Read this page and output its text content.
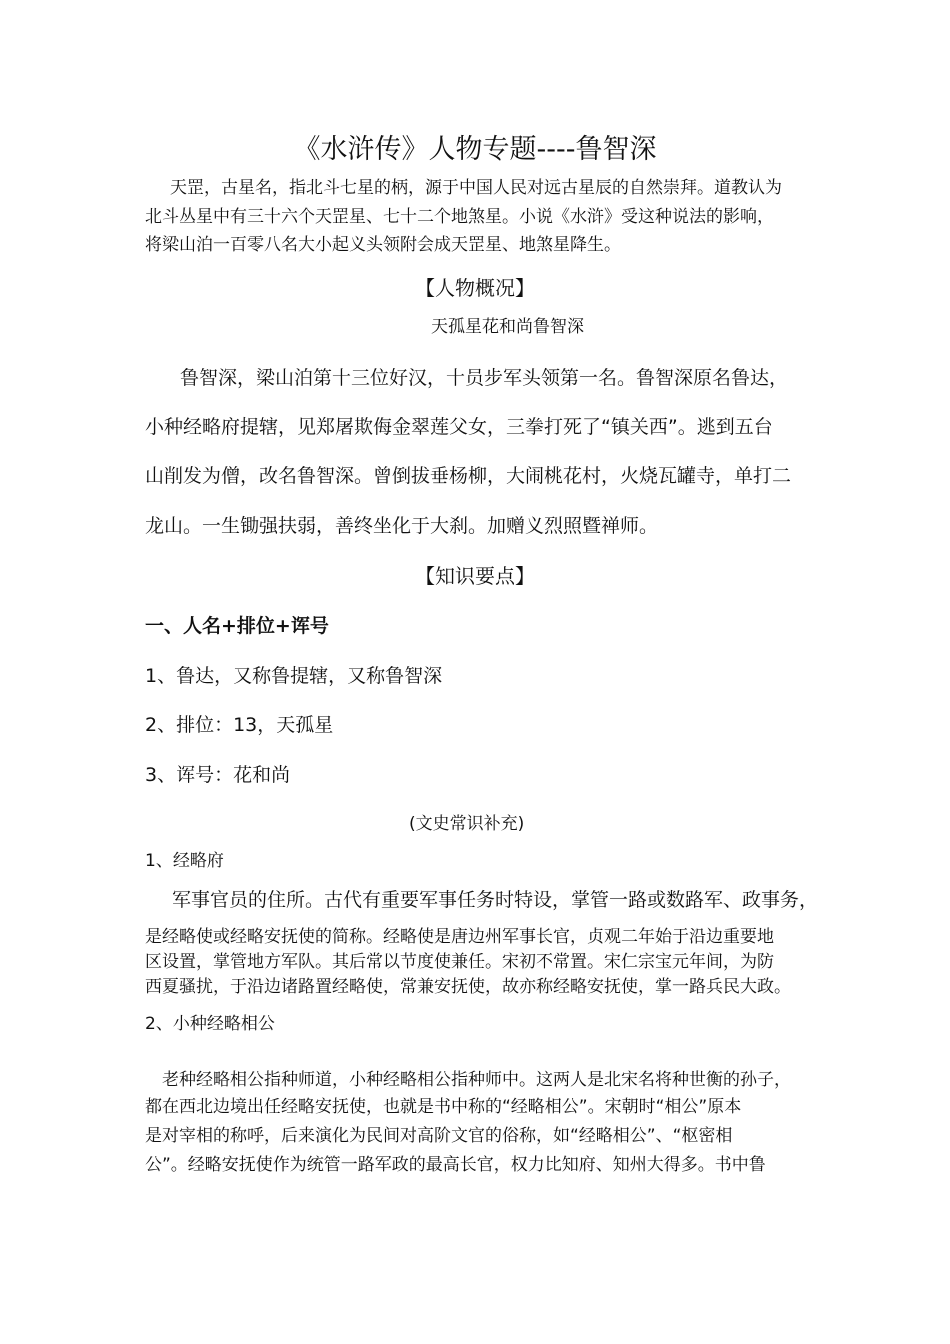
《水浒传》人物专题----鲁智深
天罡，古星名，指北斗七星的柄，源于中国人民对远古星辰的自然崇拜。道教认为
北斗丛星中有三十六个天罡星、七十二个地煞星。小说《水浒》受这种说法的影响，
将梁山泊一百零八名大小起义头领附会成天罡星、地煞星降生。
【人物概况】
天孤星花和尚鲁智深
鲁智深，梁山泊第十三位好汉，十员步军头领第一名。鲁智深原名鲁达，
小种经略府提辖，见郑屠欺侮金翠莲父女，三拳打死了“镇关西”。逃到五台
山削发为僧，改名鲁智深。曾倒拔垂杨柳，大闹桃花村，火烧瓦罐寺，单打二
龙山。一生锄强扶弱，善终坐化于大刹。加赠义烈照暨禅师。
【知识要点】
一、人名+排位+诨号
1、鲁达，又称鲁提辖，又称鲁智深
2、排位：13，天孤星
3、诨号：花和尚
(文史常识补充)
1、经略府
军事官员的住所。古代有重要军事任务时特设，掌管一路或数路军、政事务，
是经略使或经略安抚使的简称。经略使是唐边州军事长官，贞观二年始于沿边重要地
区设置，掌管地方军队。其后常以节度使兼任。宋初不常置。宋仁宗宝元年间，为防
西夏骚扰，于沿边诸路置经略使，常兼安抚使，故亦称经略安抚使，掌一路兵民大政。
2、小种经略相公
老种经略相公指种师道，小种经略相公指种师中。这两人是北宋名将种世衡的孙子，
都在西北边境出任经略安抚使，也就是书中称的“经略相公”。宋朝时“相公”原本
是对宰相的称呼，后来演化为民间对高阶文官的俗称，如“经略相公”、“枢密相
公”。经略安抚使作为统管一路军政的最高长官，权力比知府、知州大得多。书中鲁
